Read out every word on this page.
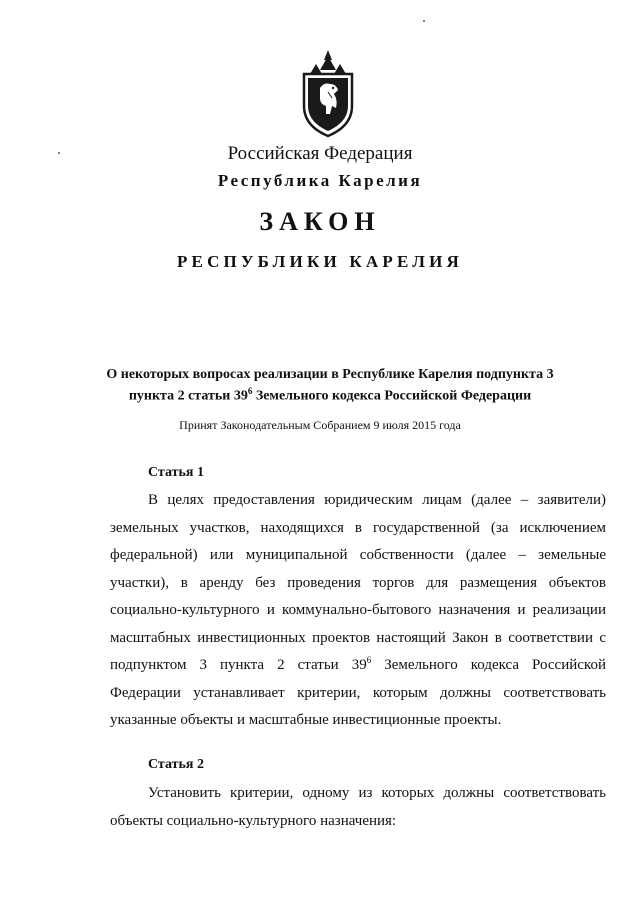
Российская Федерация
Республика Карелия
ЗАКОН
РЕСПУБЛИКИ КАРЕЛИЯ
О некоторых вопросах реализации в Республике Карелия подпункта 3
пункта 2 статьи $39^6$ Земельного кодекса Российской Федерации
Принят Законодательным Собранием 9 июля 2015 года
Статья 1
В целях предоставления юридическим лицам (далее – заявители) земельных участков, находящихся в государственной (за исключением федеральной) или муниципальной собственности (далее – земельные участки), в аренду без проведения торгов для размещения объектов социально-культурного и коммунально-бытового назначения и реализации масштабных инвестиционных проектов настоящий Закон в соответствии с подпунктом 3 пункта 2 статьи $39^6$ Земельного кодекса Российской Федерации устанавливает критерии, которым должны соответствовать указанные объекты и масштабные инвестиционные проекты.
Статья 2
Установить критерии, одному из которых должны соответствовать объекты социально-культурного назначения:
